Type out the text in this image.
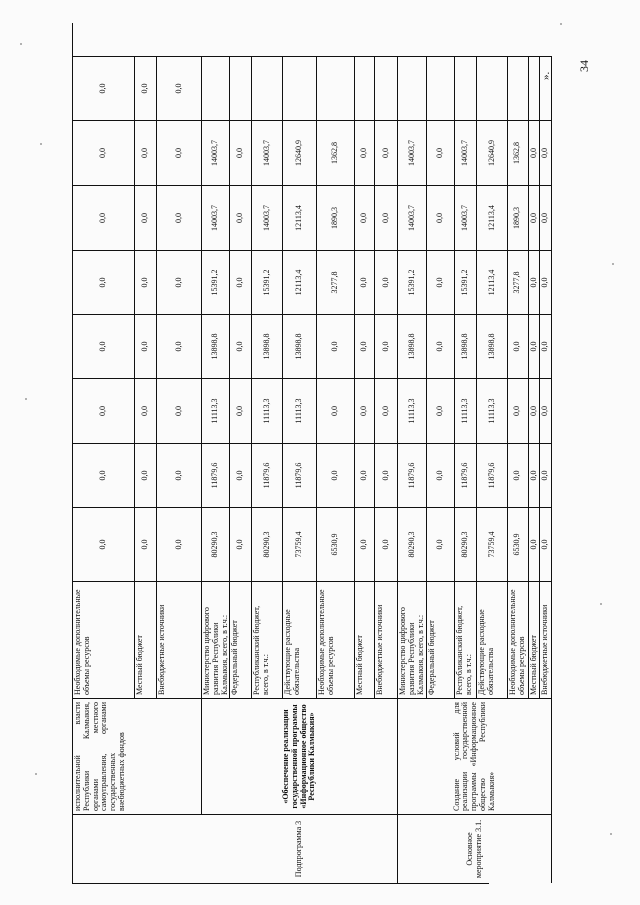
исполнительной власти Республики Калмыкия, органами местного самоуправления, органами государственных внебюджетных фондов
Необходимые дополнительные объемы ресурсов
0,0
0,0
0,0
0,0
0,0
0,0
0,0
0,0
Местный бюджет
0,0
0,0
0,0
0,0
0,0
0,0
0,0
0,0
Внебюджетные источники
0,0
0,0
0,0
0,0
0,0
0,0
0,0
0,0
Подпрограмма 3
«Обеспечение реализации государственной программы «Информационное общество Республики Калмыкия»
Министерство цифрового развития Республики Калмыкия, всего, в т.ч.:
80290,3
11879,6
11113,3
13898,8
15391,2
14003,7
14003,7
Федеральный бюджет
0,0
0,0
0,0
0,0
0,0
0,0
0,0
Республиканский бюджет, всего, в т.ч.:
80290,3
11879,6
11113,3
13898,8
15391,2
14003,7
14003,7
Действующие расходные обязательства
73759,4
11879,6
11113,3
13898,8
12113,4
12113,4
12640,9
Необходимые дополнительные объемы ресурсов
6530,9
0,0
0,0
0,0
3277,8
1890,3
1362,8
Местный бюджет
0,0
0,0
0,0
0,0
0,0
0,0
0,0
Внебюджетные источники
0,0
0,0
0,0
0,0
0,0
0,0
0,0
Основное мероприятие 3.1.
Создание условий для реализации государственной программы «Информационное общество Республики Калмыкия»
Министерство цифрового развития Республики Калмыкия, всего, в т.ч.:
80290,3
11879,6
11113,3
13898,8
15391,2
14003,7
14003,7
Федеральный бюджет
0,0
0,0
0,0
0,0
0,0
0,0
0,0
Республиканский бюджет, всего, в т.ч.:
80290,3
11879,6
11113,3
13898,8
15391,2
14003,7
14003,7
Действующие расходные обязательства
73759,4
11879,6
11113,3
13898,8
12113,4
12113,4
12640,9
Необходимые дополнительные объемы ресурсов
6530,9
0,0
0,0
0,0
3277,8
1890,3
1362,8
Местный бюджет
0,0
0,0
0,0
0,0
0,0
0,0
0,0
Внебюджетные источники
0,0
0,0
0,0
0,0
0,0
0,0
0,0
».
34
